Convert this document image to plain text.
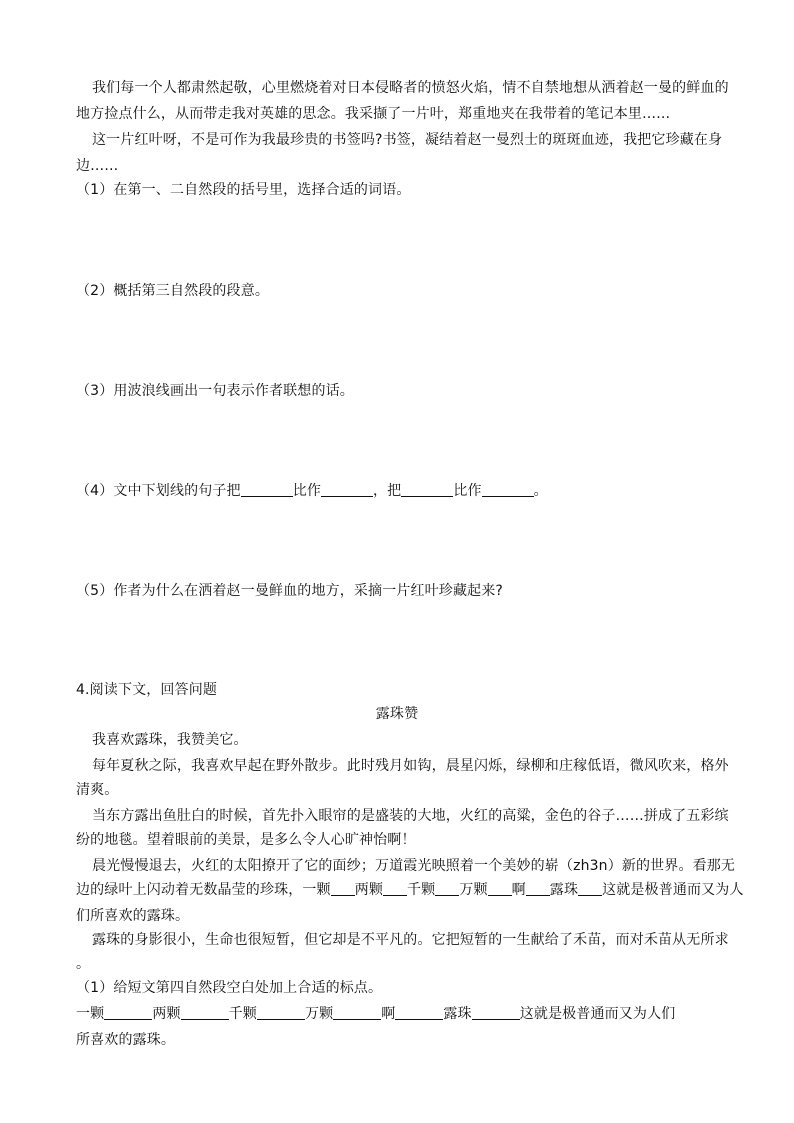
我们每一个人都肃然起敬，心里燃烧着对日本侵略者的愤怒火焰，情不自禁地想从洒着赵一曼的鲜血的
地方捡点什么，从而带走我对英雄的思念。我采撷了一片叶，郑重地夹在我带着的笔记本里……
这一片红叶呀，不是可作为我最珍贵的书签吗?书签，凝结着赵一曼烈士的斑斑血迹，我把它珍藏在身
边……
（1）在第一、二自然段的括号里，选择合适的词语。
（2）概括第三自然段的段意。
（3）用波浪线画出一句表示作者联想的话。
（4）文中下划线的句子把	比作	，把	比作	。
（5）作者为什么在洒着赵一曼鲜血的地方，采摘一片红叶珍藏起来?
4.阅读下文，回答问题
露珠赞
我喜欢露珠，我赞美它。
每年夏秋之际，我喜欢早起在野外散步。此时残月如钩，晨星闪烁，绿柳和庄稼低语，微风吹来，格外
清爽。
当东方露出鱼肚白的时候，首先扑入眼帘的是盛装的大地，火红的高粱，金色的谷子……拼成了五彩缤
纷的地毯。望着眼前的美景，是多么令人心旷神怡啊！
晨光慢慢退去，火红的太阳撩开了它的面纱；万道霞光映照着一个美妙的崭（zh3n）新的世界。看那无
边的绿叶上闪动着无数晶莹的珍珠，一颗 两颗 千颗 万颗 啊 露珠 这就是极普通而又为人
们所喜欢的露珠。
露珠的身影很小，生命也很短暂，但它却是不平凡的。它把短暂的一生献给了禾苗，而对禾苗从无所求
。
（1）给短文第四自然段空白处加上合适的标点。
一颗	两颗	千颗	万颗	啊	露珠	这就是极普通而又为人们
所喜欢的露珠。
